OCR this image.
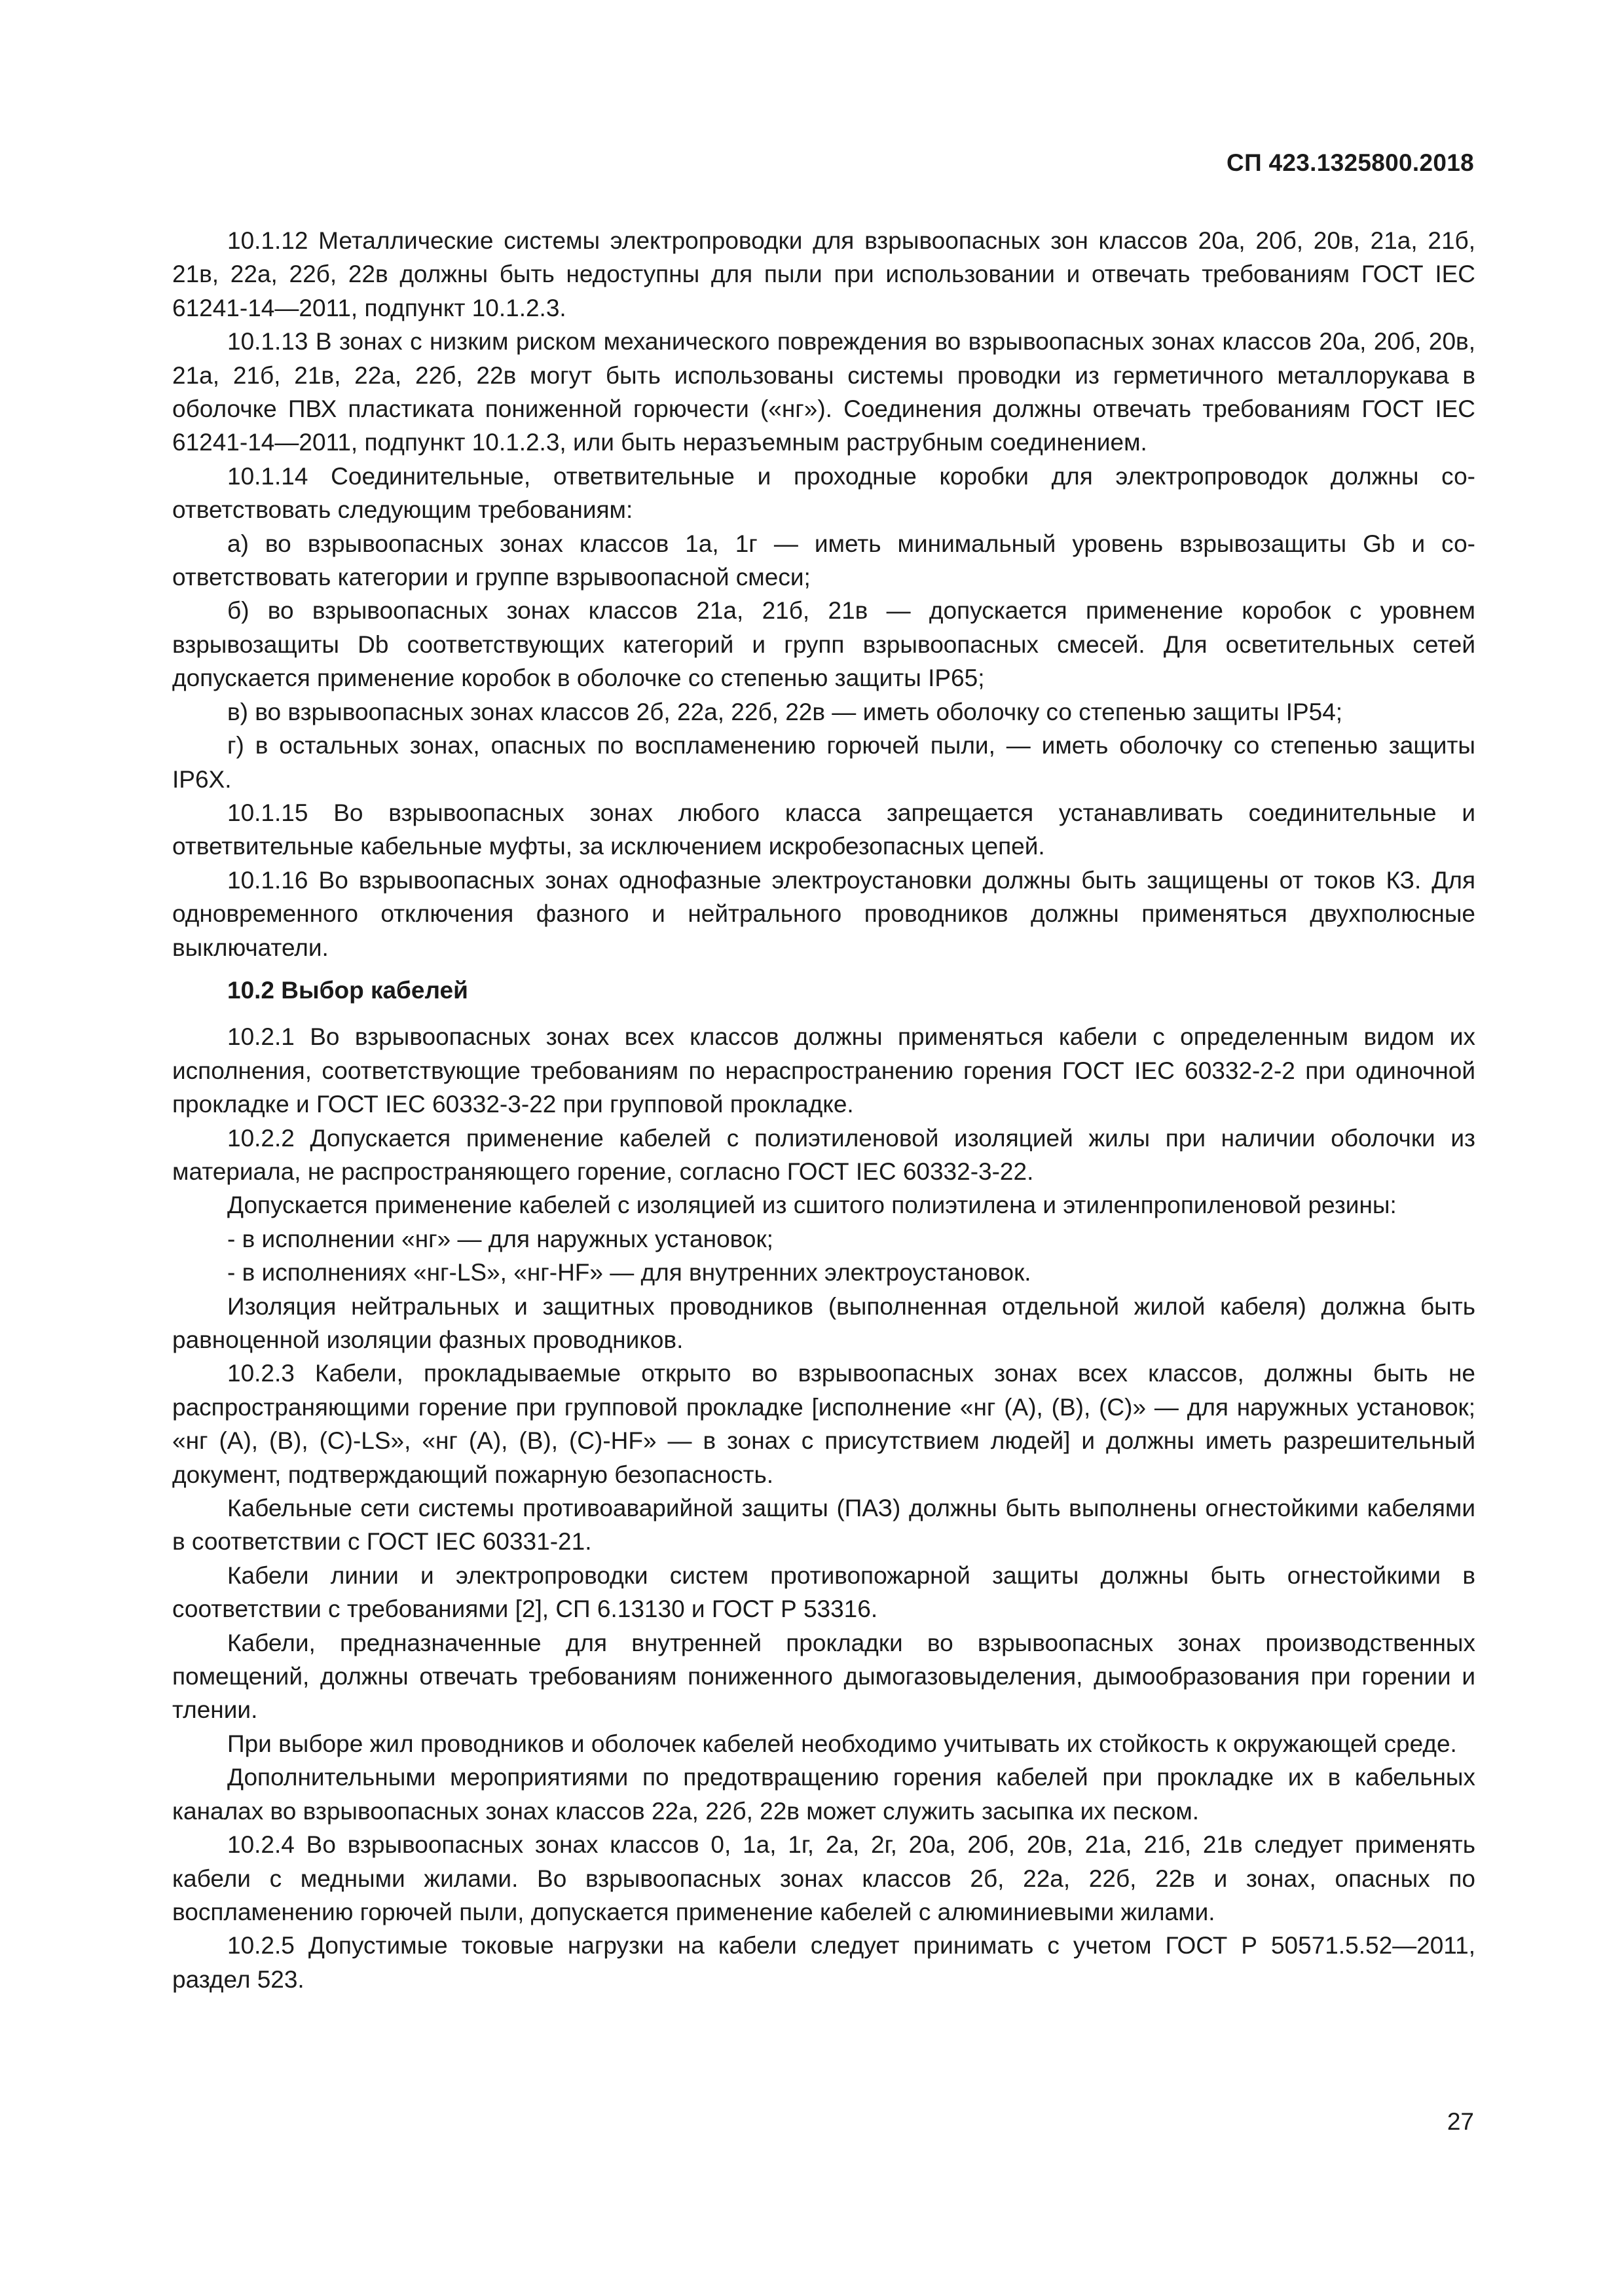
СП 423.1325800.2018

10.1.12 Металлические системы электропроводки для взрывоопасных зон классов 20а, 20б, 20в, 21а, 21б, 21в, 22а, 22б, 22в должны быть недоступны для пыли при использовании и отвечать требованиям ГОСТ IEC 61241-14—2011, подпункт 10.1.2.3.

10.1.13 В зонах с низким риском механического повреждения во взрывоопасных зонах классов 20а, 20б, 20в, 21а, 21б, 21в, 22а, 22б, 22в могут быть использованы системы проводки из герметичного металлорукава в оболочке ПВХ пластиката пониженной горючести («нг»). Соединения должны отвечать требованиям ГОСТ IEC 61241-14—2011, подпункт 10.1.2.3, или быть неразъемным раструбным соединением.

10.1.14 Соединительные, ответвительные и проходные коробки для электропроводок должны соответствовать следующим требованиям:

а) во взрывоопасных зонах классов 1а, 1г — иметь минимальный уровень взрывозащиты Gb и соответствовать категории и группе взрывоопасной смеси;

б) во взрывоопасных зонах классов 21а, 21б, 21в — допускается применение коробок с уровнем взрывозащиты Db соответствующих категорий и групп взрывоопасных смесей. Для осветительных сетей допускается применение коробок в оболочке со степенью защиты IP65;

в) во взрывоопасных зонах классов 2б, 22а, 22б, 22в — иметь оболочку со степенью защиты IP54;

г) в остальных зонах, опасных по воспламенению горючей пыли, — иметь оболочку со степенью защиты IP6X.

10.1.15 Во взрывоопасных зонах любого класса запрещается устанавливать соединительные и ответвительные кабельные муфты, за исключением искробезопасных цепей.

10.1.16 Во взрывоопасных зонах однофазные электроустановки должны быть защищены от токов КЗ. Для одновременного отключения фазного и нейтрального проводников должны применяться двухполюсные выключатели.

10.2 Выбор кабелей

10.2.1 Во взрывоопасных зонах всех классов должны применяться кабели с определенным видом их исполнения, соответствующие требованиям по нераспространению горения ГОСТ IEC 60332-2-2 при одиночной прокладке и ГОСТ IEC 60332-3-22 при групповой прокладке.

10.2.2 Допускается применение кабелей с полиэтиленовой изоляцией жилы при наличии оболочки из материала, не распространяющего горение, согласно ГОСТ IEC 60332-3-22.

Допускается применение кабелей с изоляцией из сшитого полиэтилена и этиленпропиленовой резины:

- в исполнении «нг» — для наружных установок;

- в исполнениях «нг-LS», «нг-HF» — для внутренних электроустановок.

Изоляция нейтральных и защитных проводников (выполненная отдельной жилой кабеля) должна быть равноценной изоляции фазных проводников.

10.2.3 Кабели, прокладываемые открыто во взрывоопасных зонах всех классов, должны быть не распространяющими горение при групповой прокладке [исполнение «нг (А), (В), (С)» — для наружных установок; «нг (А), (В), (С)-LS», «нг (А), (В), (С)-HF» — в зонах с присутствием людей] и должны иметь разрешительный документ, подтверждающий пожарную безопасность.

Кабельные сети системы противоаварийной защиты (ПАЗ) должны быть выполнены огнестойкими кабелями в соответствии с ГОСТ IEC 60331-21.

Кабели линии и электропроводки систем противопожарной защиты должны быть огнестойкими в соответствии с требованиями [2], СП 6.13130 и ГОСТ Р 53316.

Кабели, предназначенные для внутренней прокладки во взрывоопасных зонах производственных помещений, должны отвечать требованиям пониженного дымогазовыделения, дымообразования при горении и тлении.

При выборе жил проводников и оболочек кабелей необходимо учитывать их стойкость к окружающей среде.

Дополнительными мероприятиями по предотвращению горения кабелей при прокладке их в кабельных каналах во взрывоопасных зонах классов 22а, 22б, 22в может служить засыпка их песком.

10.2.4 Во взрывоопасных зонах классов 0, 1а, 1г, 2а, 2г, 20а, 20б, 20в, 21а, 21б, 21в следует применять кабели с медными жилами. Во взрывоопасных зонах классов 2б, 22а, 22б, 22в и зонах, опасных по воспламенению горючей пыли, допускается применение кабелей с алюминиевыми жилами.

10.2.5 Допустимые токовые нагрузки на кабели следует принимать с учетом ГОСТ Р 50571.5.52—2011, раздел 523.

27
